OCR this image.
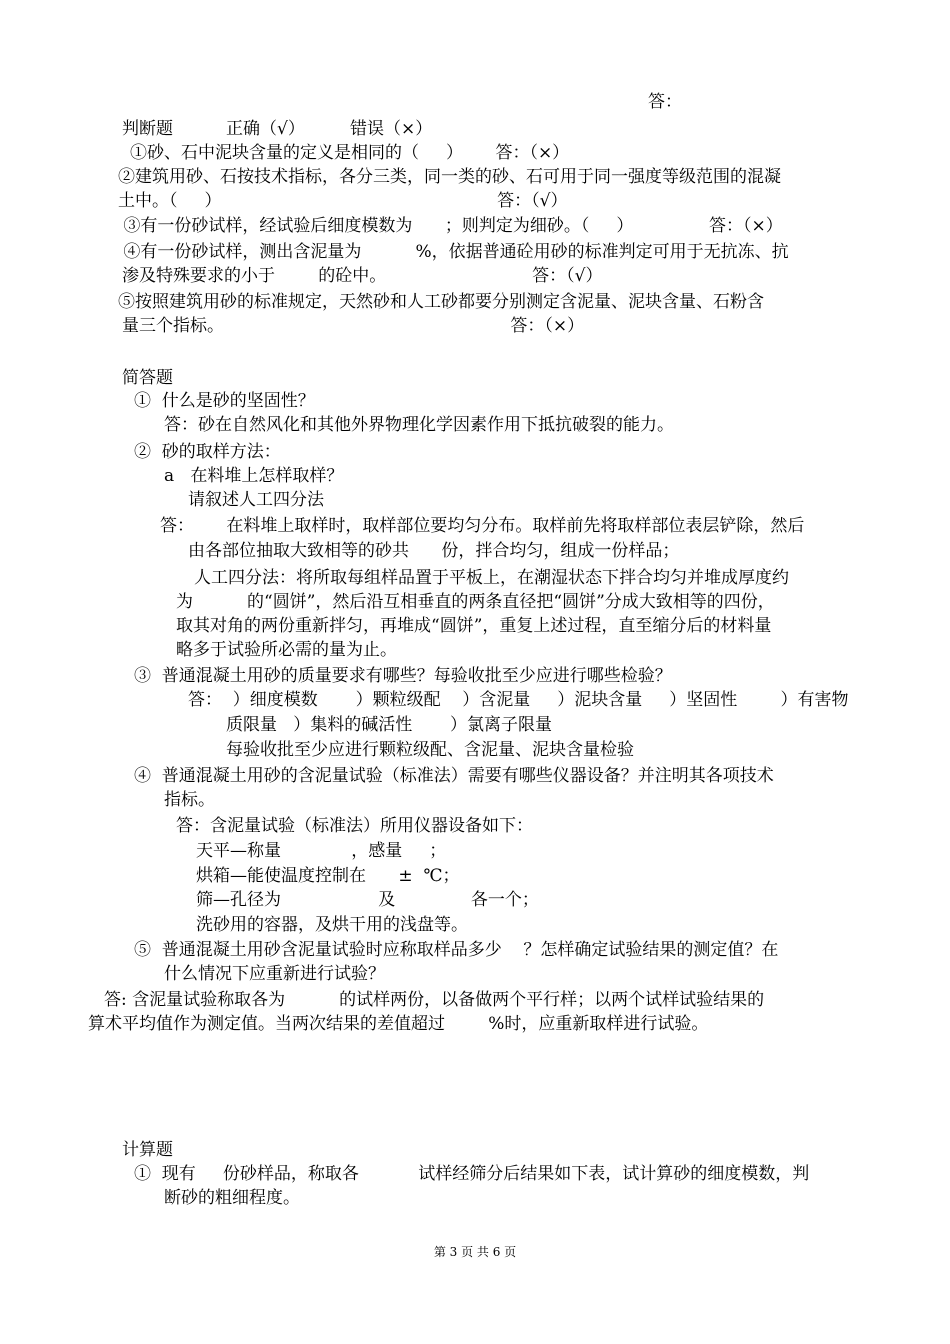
答：
判断题	正确（√）	错误（×）
①砂、石中泥块含量的定义是相同的（     ）      答：（×）
②建筑用砂、石按技术指标，各分三类，同一类的砂、石可用于同一强度等级范围的混凝
土中。（     ）                                                   答：（√）
③有一份砂试样，经试验后细度模数为      ；则判定为细砂。（     ）              答：（×）
④有一份砂试样，测出含泥量为          %，依据普通砼用砂的标准判定可用于无抗冻、抗
渗及特殊要求的小于        的砼中。                           答：（√）
⑤按照建筑用砂的标准规定，天然砂和人工砂都要分别测定含泥量、泥块含量、石粉含
量三个指标。                                                     答：（×）
简答题
①  什么是砂的坚固性？
答：砂在自然风化和其他外界物理化学因素作用下抵抗破裂的能力。
②  砂的取样方法：
a   在料堆上怎样取样？
请叙述人工四分法
答：      在料堆上取样时，取样部位要均匀分布。取样前先将取样部位表层铲除，然后
由各部位抽取大致相等的砂共      份，拌合均匀，组成一份样品；
人工四分法：将所取每组样品置于平板上，在潮湿状态下拌合均匀并堆成厚度约
为          的“圆饼”，然后沿互相垂直的两条直径把“圆饼”分成大致相等的四份，
取其对角的两份重新拌匀，再堆成“圆饼”，重复上述过程，直至缩分后的材料量
略多于试验所必需的量为止。
③  普通混凝土用砂的质量要求有哪些？每验收批至少应进行哪些检验？
答：  ）细度模数       ）颗粒级配    ）含泥量     ）泥块含量     ）坚固性        ）有害物
质限量   ）集料的碱活性       ）氯离子限量
每验收批至少应进行颗粒级配、含泥量、泥块含量检验
④  普通混凝土用砂的含泥量试验（标准法）需要有哪些仪器设备？并注明其各项技术
指标。
答：含泥量试验（标准法）所用仪器设备如下：
天平—称量             ，感量     ；
烘箱—能使温度控制在      ±  ℃；
筛—孔径为                  及              各一个；
洗砂用的容器，及烘干用的浅盘等。
⑤  普通混凝土用砂含泥量试验时应称取样品多少    ？怎样确定试验结果的测定值？在
什么情况下应重新进行试验？
答: 含泥量试验称取各为          的试样两份，以备做两个平行样；以两个试样试验结果的
算术平均值作为测定值。当两次结果的差值超过        %时，应重新取样进行试验。
计算题
①  现有     份砂样品，称取各           试样经筛分后结果如下表，试计算砂的细度模数，判
断砂的粗细程度。
第 3 页 共 6 页
